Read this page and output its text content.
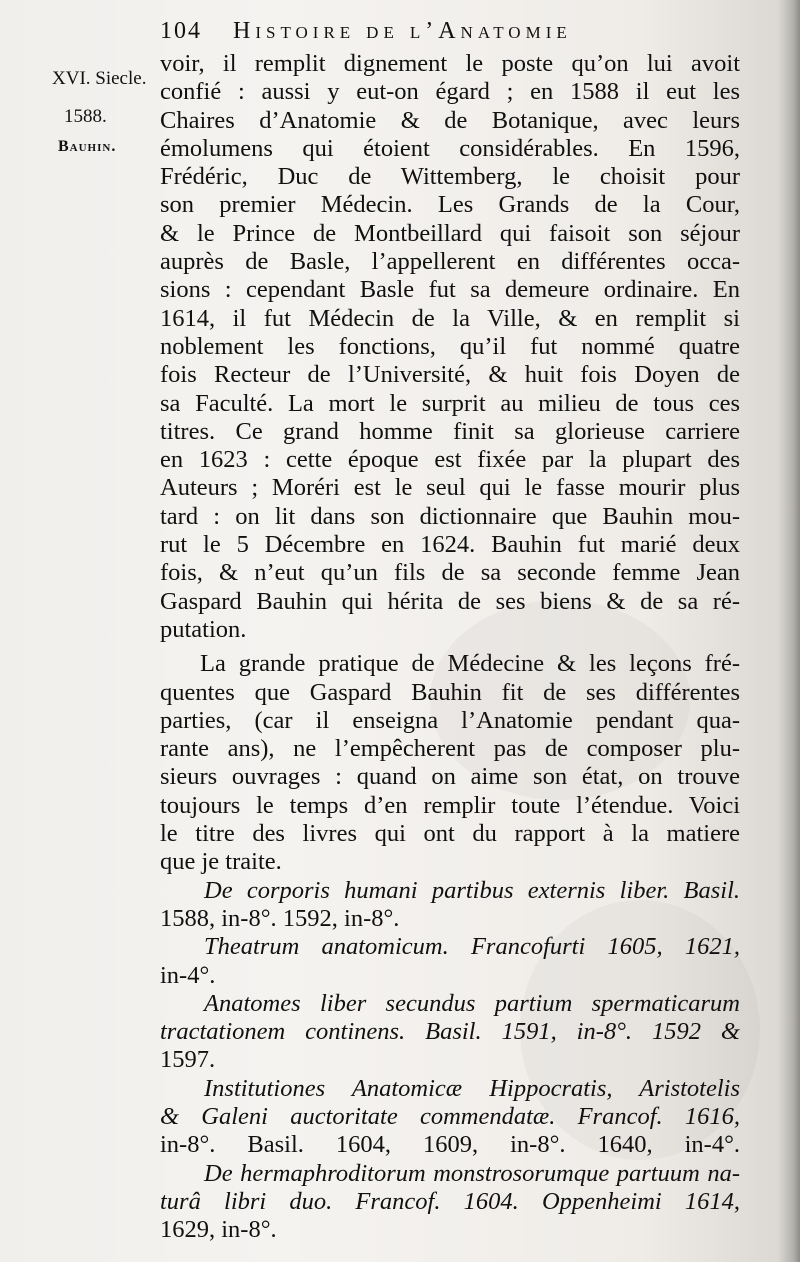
104 Histoire de l’Anatomie
XVI. Siecle.
1588.
Bauhin.
voir, il remplit dignement le poste qu’on lui avoit
confié : aussi y eut-on égard ; en 1588 il eut les
Chaires d’Anatomie & de Botanique, avec leurs
émolumens qui étoient considérables. En 1596,
Frédéric, Duc de Wittemberg, le choisit pour
son premier Médecin. Les Grands de la Cour,
& le Prince de Montbeillard qui faisoit son séjour
auprès de Basle, l’appellerent en différentes occa-
sions : cependant Basle fut sa demeure ordinaire. En
1614, il fut Médecin de la Ville, & en remplit si
noblement les fonctions, qu’il fut nommé quatre
fois Recteur de l’Université, & huit fois Doyen de
sa Faculté. La mort le surprit au milieu de tous ces
titres. Ce grand homme finit sa glorieuse carriere
en 1623 : cette époque est fixée par la plupart des
Auteurs ; Moréri est le seul qui le fasse mourir plus
tard : on lit dans son dictionnaire que Bauhin mou-
rut le 5 Décembre en 1624. Bauhin fut marié deux
fois, & n’eut qu’un fils de sa seconde femme Jean
Gaspard Bauhin qui hérita de ses biens & de sa ré-
putation.
La grande pratique de Médecine & les leçons fré-
quentes que Gaspard Bauhin fit de ses différentes
parties, (car il enseigna l’Anatomie pendant qua-
rante ans), ne l’empêcherent pas de composer plu-
sieurs ouvrages : quand on aime son état, on trouve
toujours le temps d’en remplir toute l’étendue. Voici
le titre des livres qui ont du rapport à la matiere
que je traite.
De corporis humani partibus externis liber. Basil.
1588, in-8°. 1592, in-8°.
Theatrum anatomicum. Francofurti 1605, 1621,
in-4°.
Anatomes liber secundus partium spermaticarum
tractationem continens. Basil. 1591, in-8°. 1592 &
1597.
Institutiones Anatomicæ Hippocratis, Aristotelis
& Galeni auctoritate commendatæ. Francof. 1616,
in-8°. Basil. 1604, 1609, in-8°. 1640, in-4°.
De hermaphroditorum monstrosorumque partuum na-
turâ libri duo. Francof. 1604. Oppenheimi 1614,
1629, in-8°.
